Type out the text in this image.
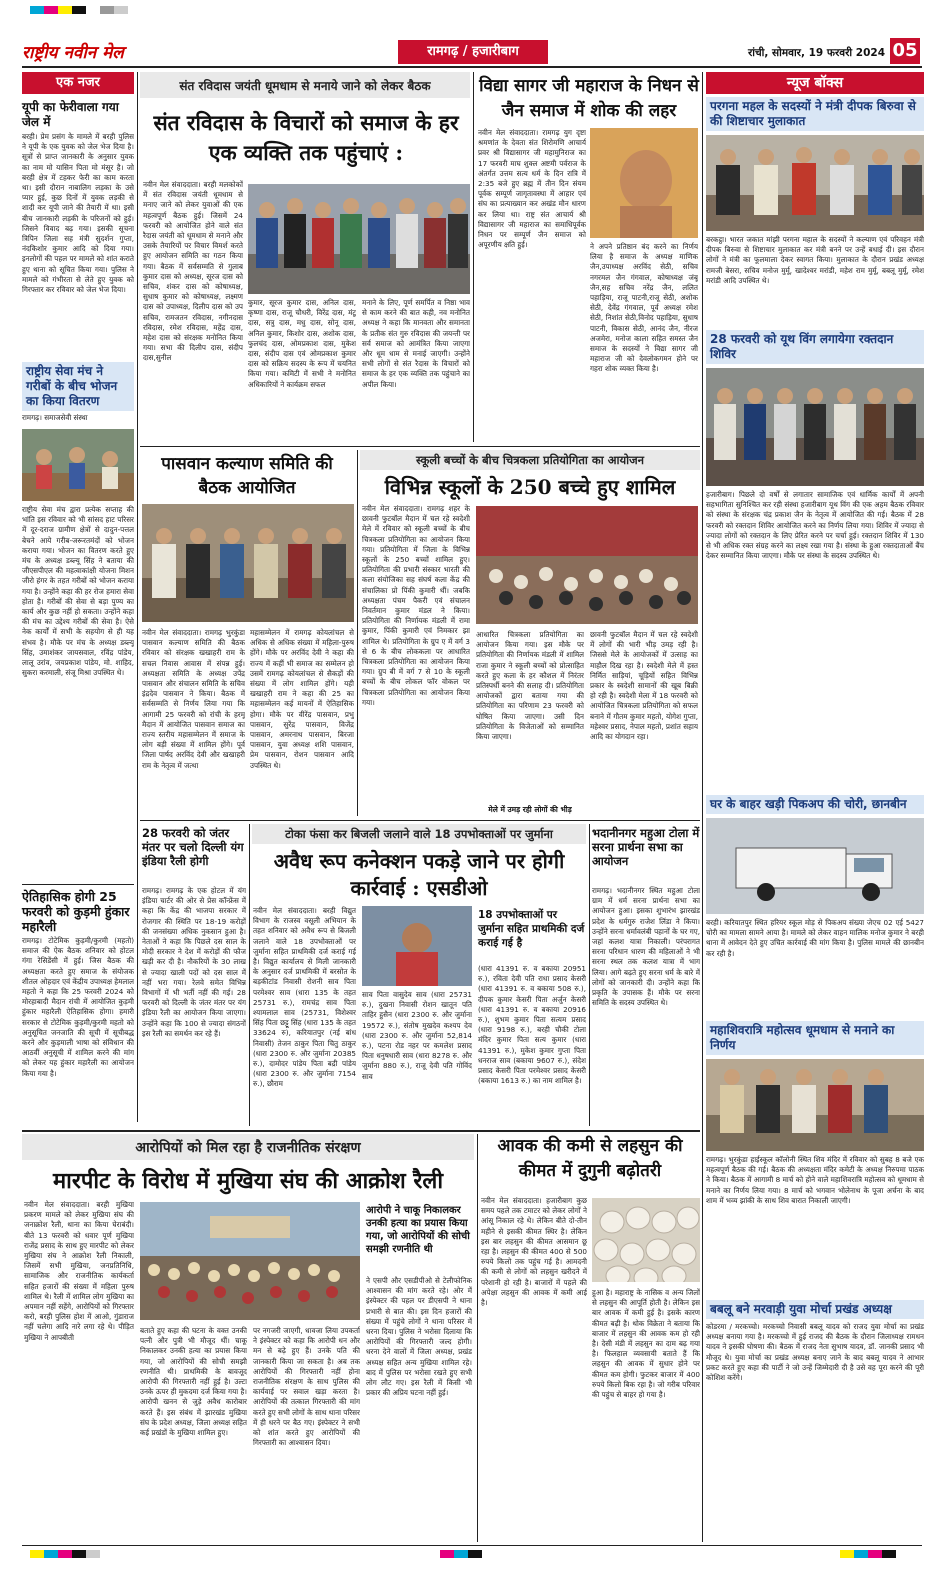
राष्ट्रीय नवीन मेल	रामगढ़ / हजारीबाग	रांची, सोमवार, 19 फरवरी 2024 05
एक नजर
यूपी का फेरीवाला गया जेल में
बरही। प्रेम प्रसंग के मामले में बरही पुलिस ने यूपी के एक युवक को जेल भेज दिया है। सूत्रों से प्राप्त जानकारी के अनुसार युवक का नाम मो यासिन पिता मो मंसूर है। जो बरही क्षेत्र में टहकर फेरी का काम करता था। इसी दौरान नाबालिग लड़का के उसे प्यार हुई, कुछ दिनों में युवक लड़की से शादी कर यूपी जाने की तैयारी में था। इसी बीच जानकारी लड़की के परिजनों को हुई। जिसने विवाद बढ़ गया। इसकी सूचना त्रिपिन जिला सह मंत्री सुदर्शन गुप्ता, नंदकिशोर कुमार आदि को दिया गया। इनलोगों की पहल पर मामले को शांत कराते हुए थाना को सूचित किया गया। पुलिस ने मामले को गंभीरता से लेते हुए युवक को गिरफ्तार कर रविवार को जेल भेज दिया।
राष्ट्रीय सेवा मंच ने गरीबों के बीच भोजन का किया वितरण
रामगढ़। समाजसेवी संस्था
राष्ट्रीय सेवा मंच द्वारा प्रत्येक सप्ताह की भांति इस रविवार को भी सांसद हाट परिसर में दूर-दराज ग्रामीण क्षेत्रों से दादुन-पत्तल बेचने आये गरीब-जरूरतमंदों को भोजन कराया गया। भोजन का वितरण करते हुए मंच के अध्यक्ष डब्ल्यू सिंह ने बताया की जीएसपीएल की महत्वाकांक्षी योजना मिशन जीरो हंगर के तहत गरीबों को भोजन कराया गया है। उन्होंने कहा की हर रोज हमारा सेवा होता है। गरीबों की सेवा से बड़ा पुण्य का कार्य और कुछ नहीं हो सकता। उन्होंने कहा की मंच का उद्देश्य गरीबों की सेवा है। ऐसे नेक कार्यों में सभी के सहयोग से ही यह संभव है। मौके पर मंच के अध्यक्ष डब्ल्यू सिंह, उमाशंकर जायसवाल, रविंद्र पांडेय, लालू उरांव, जयप्रकाश पांडेय, मो. शाहिद, सुकरा करमाली, संजू मिश्रा उपस्थित थे।
ऐतिहासिक होगी 25 फरवरी को कुड़मी हुंकार महारैली
रामगढ़। टोटेमिक कुड़मी/कुरमी (महतो) समाज की ऐक बैठक शनिवार को होटल गंगा रेसिडेंसी में हुई। जिस बैठक की अध्यक्षता करते हुए समाज के संयोजक शीतल ओहदार एवं केंद्रीय उपाध्यक्ष हेमलाल महतो ने कहा कि 25 फरवरी 2024 को मोरहाबादी मैदान रांची में आयोजित कुड़मी हुंकार महारैली ऐतिहासिक होगा। हमारी सरकार से टोटेमिक कुड़मी/कुरमी महतो को अनुसूचित जनजाति की सूची में सूचीबद्ध करने और कुड़माली भाषा को संविधान की आठवीं अनुसूची में शामिल करने की मांग को लेकर यह हुंकार महारैली का आयोजन किया गया है।
संत रविदास जयंती धूमधाम से मनाये जाने को लेकर बैठक
संत रविदास के विचारों को समाज के हर एक व्यक्ति तक पहुंचाएं :
नवीन मेल संवाददाता। बरही मलकोकों में संत रविदास जयंती धूमधाम से मनाए जाने को लेकर युवाओं की एक महत्वपूर्ण बैठक हुई। जिसमें 24 फरवरी को आयोजित होने वाले संत रैदास जयंती को धूमधाम से मनाने और उसके तैयारियों पर विचार विमर्श करते हुए आयोजन समिति का गठन किया गया। बैठक में सर्वसम्मति से गुलाब कुमार दास को अध्यक्ष, सूरज दास को सचिव, शंकर दास को कोषाध्यक्ष, सुधाष कुमार को कोषाध्यक्ष, लक्ष्मण दास को उपाध्यक्ष, दिलीप दास को उप सचिव, रामजतन रविदास, नगीनदास रविदास, रमेश रविदास, महेंद्र दास, महेश दास को संरक्षक मनोनित किया गया। सभा की दिलीप दास, संदीप दास,सुनील
कुमार, सूरज कुमार दास, अनिल दास, कृष्णा दास, राजू चौधरी, विरेंद्र दास, मंटू दास, सत्रु दास, मधु दास, सोनू दास, अनिल कुमार, किशोर दास, अशोक दास, फुलचंद दास, ओमप्रकाश दास, मुकेश दास, संदीप दास एवं ओमप्रकाश कुमार दास को सक्रिय सदस्य के रूप में चयनित किया गया। कमिटी में सभी ने मनोनित अधिकारियों ने कार्यक्रम सफल
मनाने के लिए, पूर्ण समर्पित व निष्ठा भाव से काम करने की बात कही, नव मनोनित अध्यक्ष ने कहा कि मानवता और समानता के प्रतीक संत गुरु रविदास की जयन्ती पर सर्व समाज को आमंत्रित किया जाएगा और धूम धाम से मनाई जाएगी। उन्होंने सभी लोगों से संत रैदास के विचारों को समाज के हर एक व्यक्ति तक पहुंचाने का अपील किया।
विद्या सागर जी महाराज के निधन से जैन समाज में शोक की लहर
नवीन मेल संवाददाता। रामगढ़ युग दृष्टा श्रमणांत के देवता संत शिरोमणि आचार्य प्रवर श्री विद्यासागर जी महामुनिराज का 17 फरवरी माघ शुक्ल अष्टमी पर्वराज के अंतर्गत उत्तम सत्य धर्म के दिन रात्रि में 2:35 बजे हुए ब्रह्म में तीन दिन संयम पूर्वक सम्पूर्ण जागृतावस्था में आहार एवं संघ का प्रत्याख्यान कर अखंड मौन धारण कर लिया था। राष्ट्र संत आचार्य श्री विद्यासागर जी महाराज का समाधिपूर्वक निधन पर सम्पूर्ण जैन समाज को अपूरणीय क्षति हुई।	ने अपने प्रतिष्ठान बंद करने का निर्णय लिया है समाज के अध्यक्ष माणिक जैन,उपाध्यक्ष अरविंद सेठी, सचिव नगरमल जैन गंगवाल, कोषाध्यक्ष जंबू जैन,सह सचिव नरेंद्र जैन, ललित पहाड़िया, राजू पाटनी,राजू सेठी, अशोक सेठी, देवेंद्र गंगवाल, पूर्व अध्यक्ष रमेश सेठी, निशांत सेठी,विनोद पहाड़िया, सुधाष पाटनी, विकास सेठी, आनंद जैन, नीरज अजमेरा, मनोज काला सहित समस्त जैन समाज के सदस्यों ने विद्या सागर जी महाराज जी को देवलोकगमन होने पर गहरा शोक व्यक्त किया है।
न्यूज बॉक्स
परगना महल के सदस्यों ने मंत्री दीपक बिरुवा से की शिष्टाचार मुलाकात
बरकट्ठा। भारत जकात मांझी परगना महाल के सदस्यों ने कल्याण एवं परिवहन मंत्री दीपक बिरुवा से शिष्टाचार मुलाकात कर मंत्री बनने पर उन्हें बधाई दी। इस दौरान लोगों ने मंत्री का फूलमाला देकर स्वागत किया। मुलाकात के दौरान प्रखंड अध्यक्ष रामजी बेसरा, सचिव मनोज मुर्मू, खादेश्वर मरांडी, महेश राम मुर्मू, बबलू मुर्मू, रमेश मरांडी आदि उपस्थित थे।
28 फरवरी को यूथ विंग लगायेगा रक्तदान शिविर
हजारीबाग। पिछले दो वर्षों से लगातार सामाजिक एवं धार्मिक कार्यों में अपनी सहभागिता सुनिश्चित कर रही संस्था हजारीबाग यूथ विंग की एक अहम बैठक रविवार को संस्था के संरक्षक चंद्र प्रकाश जैन के नेतृत्व में आयोजित की गई। बैठक में 28 फरवरी को रक्तदान शिविर आयोजित करने का निर्णय लिया गया। शिविर में ज्यादा से ज्यादा लोगों को रक्तदान के लिए प्रेरित करने पर चर्चा हुई। रक्तदान शिविर में 130 से भी अधिक रक्त संग्रह करने का लक्ष्य रखा गया है। संस्था के हुआ रक्तदाताओं बैंच देकर सम्मानित किया जाएगा। मौके पर संस्था के सदस्य उपस्थित थे।
घर के बाहर खड़ी पिकअप की चोरी, छानबीन
बरही। करियातपुर स्थित हरियर स्कूल मोड़ से पिकअप संख्या जेएच 02 एई 5427 चोरी का मामला सामने आया है। मामले को लेकर वाहन मालिक मनोज कुमार ने बरही थाना में आवेदन देते हुए उचित कार्रवाई की मांग किया है। पुलिस मामले की छानबीन कर रही है।
महाशिवरात्रि महोत्सव धूमधाम से मनाने का निर्णय
रामगढ़। भुरकुंडा हाईस्कूल कॉलोनी स्थित शिव मंदिर में रविवार को सुबह 8 बजे एक महत्वपूर्ण बैठक की गई। बैठक की अध्यक्षता मंदिर कमेटी के अध्यक्ष निरुपमा पाठक ने किया। बैठक में आगामी 8 मार्च को होने वाले महाशिवरात्रि महोत्सव को धूमधाम से मनाने का निर्णय लिया गया। 8 मार्च को भगवान भोलेनाथ के पूजा अर्चना के बाद शाम में भव्य झांकी के साथ शिव बारात निकाली जाएगी।
बबलू बने मरवाड़ी युवा मोर्चा प्रखंड अध्यक्ष
कोडरमा / मरकच्चो। मरकच्चो निवासी बबलू यादव को राजद युवा मोर्चा का प्रखंड अध्यक्ष बनाया गया है। मरकच्चो में हुई राजद की बैठक के दौरान जिलाध्यक्ष रामधन यादव ने इसकी घोषणा की। बैठक में राजद नेता सुभाष यादव, डॉ. जानकी प्रसाद भी मौजूद थे। युवा मोर्चा का प्रखंड अध्यक्ष बनाए जाने के बाद बबलू यादव ने आभार प्रकट करते हुए कहा की पार्टी ने जो उन्हें जिम्मेदारी दी है उसे वह पूरा करने की पूरी कोशिश करेंगे।
पासवान कल्याण समिति की बैठक आयोजित
नवीन मेल संवाददाता। रामगढ़ भुरकुंडा पासवान कल्याण समिति की बैठक रविवार को संरक्षक खखाहरी राम के सचल निवास आवास में संपन्न हुई। अध्यक्षता समिति के अध्यक्ष उपेंद्र पासवान और संचालन समिति के सचिव इंद्रदेव पासवान ने किया। बैठक में सर्वसम्मति से निर्णय लिया गया कि आगामी 25 फरवरी को रांची के हरमू मैदान में आयोजित पासवान समाज का राज्य स्तरीय महासम्मेलन में समाज के लोग बड़ी संख्या में शामिल होंगे। पूर्व जिला पार्षद अरविंद देवी और खखाहरी राम के नेतृत्व में जत्था
महासम्मेलन में रामगढ़ कोयलांचल से अधिक से अधिक संख्या में महिला-पुरुष होंगे। मौके पर अरविंद देवी ने कहा की राज्य में कहीं भी समाज का सम्मेलन हो उसमें रामगढ़ कोयलांचल से सैकड़ों की संख्या में लोग शामिल होंगे। यही खखाहरी राम ने कहा की 25 का महासम्मेलन कई मायनों में ऐतिहासिक होगा। मौके पर वीरेंद्र पासवान, प्रभु पासवान, सुरेंद्र पासवान, विजेंद्र पासवान, अमरनाथ पासवान, बिरजा पासवान, युवा अध्यक्ष शशि पासवान, प्रेम पासवान, रोशन पासवान आदि उपस्थित थे।
स्कूली बच्चों के बीच चित्रकला प्रतियोगिता का आयोजन
विभिन्न स्कूलों के 250 बच्चे हुए शामिल
नवीन मेल संवाददाता। रामगढ़ शहर के छावनी फुटबॉल मैदान में चल रहे स्वदेशी मेले में रविवार को स्कूली बच्चों के बीच चित्रकला प्रतियोगिता का आयोजन किया गया। प्रतियोगिता में जिला के विभिन्न स्कूलों के 250 बच्चों शामिल हुए। प्रतियोगिता की प्रभारी संस्कार भारती की कला संयोजिका सह संघर्ष कला केंद्र की संचालिका प्रो पिंकी कुमारी थीं। जबकि अध्यक्षता पंचम पैकरी एवं संचालन निवर्तमान कुमार मंडल ने किया। प्रतियोगिता की निर्णायक मंडली में रामा कुमार, पिंकी कुमारी एवं निमकार झा शामिल थे। प्रतियोगिता के ग्रुप ए में वर्ग 3 से 6 के बीच लोककला पर आधारित चित्रकला प्रतियोगिता का आयोजन किया गया। ग्रुप बी में वर्ग 7 से 10 के स्कूली बच्चों के बीच लोकल फॉर वोकल पर चित्रकला प्रतियोगिता का आयोजन किया गया।
आधारित चित्रकला प्रतियोगिता का आयोजन किया गया। इस मौके पर प्रतियोगिता की निर्णायक मंडली में शामिल राजा कुमार ने स्कूली बच्चों को प्रोत्साहित करते हुए कला के हर कौशल में निरंतर प्रतिस्पर्धी बनने की सलाह दी। प्रतियोगिता आयोजकों द्वारा बताया गया की प्रतियोगिता का परिणाम 23 फरवरी को घोषित किया जाएगा। उसी दिन प्रतियोगिता के विजेताओं को सम्मानित किया जाएगा।
मेले में उमड़ रही लोगों की भीड़
छावनी फुटबॉल मैदान में चल रहे स्वदेशी में लोगों की भारी भीड़ उमड़ रही है। जिससे मेले के आयोजकों में उत्साह का माहौल दिख रहा है। स्वदेशी मेले में हस्त निर्मित साड़ियां, चूड़ियों सहित विभिन्न प्रकार के स्वदेशी सामानों की खूब बिक्री हो रही है। स्वदेशी मेला में 18 फरवरी को आयोजित चित्रकला प्रतियोगिता को सफल बनाने में गौतम कुमार महतो, योगेश गुप्ता, महेश्वर प्रसाद, नेपाल महतो, प्रशांत सहाय आदि का योगदान रहा।
28 फरवरी को जंतर मंतर पर चलो दिल्ली यंग इंडिया रैली होगी
रामगढ़। रामगढ़ के एक होटल में यंग इंडिया चार्टर की ओर से प्रेस कॉन्फ्रेंस में कहा कि केंद्र की भाजपा सरकार में रोजगार की स्थिति पर 18-19 करोड़ों की जनसंख्या अधिक नुकसान हुआ है। नेताओं ने कहा कि पिछले दस साल के मोदी सरकार ने देश में करोड़ों की फौज खड़ी कर दी है। नौकरियों के 30 लाख से ज्यादा खाली पदों को दस साल में नहीं भरा गया। रेलवे समेत विभिन्न विभागों में भी भर्ती नहीं की गई। 28 फरवरी को दिल्ली के जंतर मंतर पर यंग इंडिया रैली का आयोजन किया जाएगा। उन्होंने कहा कि 100 से ज्यादा संगठनों इस रैली का समर्थन कर रहे हैं।
टोका फंसा कर बिजली जलाने वाले 18 उपभोक्ताओं पर जुर्माना
अवैध रूप कनेक्शन पकड़े जाने पर होगी कार्रवाई : एसडीओ
नवीन मेल संवाददाता। बरही विद्युत विभाग के राजस्व वसूली अभियान के तहत शनिवार को अवैध रूप से बिजली जलाने वाले 18 उपभोक्ताओं पर जुर्माना सहित प्राथमिकी दर्ज कराई गई है। विद्युत कार्यालय से मिली जानकारी के अनुसार दर्ज प्राथमिकी में बरसोत के बड़कीटांड निवासी रोशनी साव पिता परमेश्वर साव (धारा 135 के तहत 25731 रु.), रामचंद्र साव पिता श्यामलाल साव (25731, विशेश्वर सिंह पिता छट्टू सिंह (धारा 135 के तहत 33624 रु), करियातपुर (नई बांध निवासी) तेजन ठाकुर पिता चितु ठाकुर (धारा 2300 रु. और जुर्माना 20385 रु.), दामोदर पांडेय पिता बद्री पांडेय (धारा 2300 रु. और जुर्माना 7154 रु.), छौराम
18 उपभोक्ताओं पर जुर्माना सहित प्राथमिकी दर्ज कराई गई है
साव पिता वासुदेव साव (धारा 25731 रु.), दुखना निवासी रोशन खातून पति ताहिर हुसैन (धारा 2300 रु. और जुर्माना 19572 रु.), संतोष मुखदेव कश्यप देव (धारा 2300 रु. और जुर्माना 52,814 रु.), पटना रोड नहर पर कमलेश प्रसाद पिता धनुषधारी साव (धारा 8278 रु. और जुर्माना 880 रु.), राजू देवी पति गोविंद साव
(धारा 41391 रु. व बकाया 20951 रु.), रविता देवी पति राधा प्रसाद केसरी (धारा 41391 रु. व बकाया 508 रु.), दीपक कुमार केसरी पिता अर्जुन केसरी (धारा 41391 रु. व बकाया 20916 रु.), शुभम कुमार पिता सत्यम प्रसाद (धारा 9198 रु.), बरही चौकी टोला मंदिर कुमार पिता सत्य कुमार (धारा 41391 रु.), मुकेश कुमार गुप्ता पिता धनराज साव (बकाया 9607 रु.), संदेश प्रसाद केसरी पिता परमेश्वर प्रसाद केसरी (बकाया 1613 रु.) का नाम शामिल है।
भदानीनगर महुआ टोला में सरना प्रार्थना सभा का आयोजन
रामगढ़। भदानीनगर स्थित महुआ टोला ग्राम में धर्म सरना प्रार्थना सभा का आयोजन हुआ। इसका शुभारंभ झारखंड प्रदेश के धर्मगुरु राजेश लिंडा ने किया। उन्होंने सरना धर्मावलंबी पहानों के घर गए, जहां कलश यात्रा निकाली। परंपरागत सरना परिधान धारण की महिलाओं ने भी सरना स्थल तक कलश यात्रा में भाग लिया। आगे बढ़ते हुए सरना धर्म के बारे में लोगों को जानकारी दी। उन्होंने कहा कि प्रकृति के उपासक हैं। मौके पर सरना समिति के सदस्य उपस्थित थे।
आरोपियों को मिल रहा है राजनीतिक संरक्षण
मारपीट के विरोध में मुखिया संघ की आक्रोश रैली
नवीन मेल संवाददाता। बरही मुखिया प्रकरण मामले को लेकर मुखिया संघ की जनाक्रोश रैली, थाना का किया घेराबंदी। बीते 13 फरवरी को धवार पूर्ण मुखिया राजेंद्र प्रसाद के साथ हुए मारपीट को लेकर मुखिया संघ ने आक्रोश रैली निकाली, जिसमें सभी मुखिया, जनप्रतिनिधि, सामाजिक और राजनीतिक कार्यकर्ता सहित हजारों की संख्या में महिला पुरुष शामिल थे। रैली में शामिल लोग मुखिया का अपमान नहीं सहेंगे, आरोपियों को गिरफ्तार करो, बरही पुलिस होश में आओ, गुंडाराज नहीं चलेगा आदि नारे लगा रहे थे। पीड़ित मुखिया ने आपबीती
आरोपी ने चाकू निकालकर उनकी हत्या का प्रयास किया गया, जो आरोपियों की सोची समझी रणनीति थी
बताते हुए कहा की घटना के वक्त उनकी पत्नी और पुत्री भी मौजूद थीं। चाकू निकालकर उनकी हत्या का प्रयास किया गया, जो आरोपियों की सोची समझी रणनीति थी। प्राथमिकी के बावजूद आरोपी की गिरफ्तारी नहीं हुई है। उल्टा उनके ऊपर ही मुकदमा दर्ज किया गया है। आरोपी खनन से जुड़े अवैध कारोबार करते हैं। इस संबंध में झारखंड मुखिया संघ के प्रदेश अध्यक्ष, जिला अध्यक्ष सहित कई प्रखंडों के मुखिया शामिल हुए।
पर नगजरी जाएगी, धावजा लिया उपकर्ता ने इंस्पेक्टर को कहा कि आरोपी धन और मन से बढ़े हुए हैं। उनके पति की जानकारी किया जा सकता है। अब तक आरोपियों की गिरफ्तारी नहीं होना राजनीतिक संरक्षण के साथ पुलिस की कार्यवाई पर सवाल खड़ा करता है। आरोपियों की तत्काल गिरफ्तारी की मांग करते हुए सभी लोगों के साथ थाना परिसर में ही धरने पर बैठ गए। इंस्पेक्टर ने सभी को शांत करते हुए आरोपियों की गिरफ्तारी का आश्वासन दिया।
ने एसपी और एसडीपीओ से टेलीफोनिक आश्वासन की मांग करते रहे। ओर में इंस्पेक्टर की पहल पर डीएसपी ने थाना प्रभारी से बात की। इस दिन हजारों की संख्या में पहुंचे लोगों ने थाना परिसर में धरना दिया। पुलिस ने भरोसा दिलाया कि आरोपियों की गिरफ्तारी जल्द होगी। धरना देने वालों में जिला अध्यक्ष, प्रखंड अध्यक्ष सहित अन्य मुखिया शामिल रहे। बाद में पुलिस पर भरोसा रखते हुए सभी लोग लौट गए। इस रैली में किसी भी प्रकार की अप्रिय घटना नहीं हुई।
आवक की कमी से लहसुन की कीमत में दुगुनी बढ़ोतरी
नवीन मेल संवाददाता। हजारीबाग कुछ समय पहले तक टमाटर को लेकर लोगों ने आंसू निकाल रहे थे। लेकिन बीते दो-तीन महीने से इसकी कीमत स्थिर है। लेकिन इस बार लहसुन की कीमत आसमान छू रहा है। लहसुन की कीमत 400 से 500 रुपये किलो तक पहुंच गई है। आमदनी की कमी से लोगों को लहसुन खरीदने में परेशानी हो रही है। बाजारों में पहले की अपेक्षा लहसुन की आवक में कमी आई है।
हुआ है। महाराष्ट्र के नासिक व अन्य जिलों से लहसुन की आपूर्ति होती है। लेकिन इस बार आवक में कमी हुई है। इसके कारण कीमत बढ़ी है। थोक विक्रेता ने बताया कि बाजार में लहसुन की आवक कम हो रही है। देसी मंडी में लहसुन का दाम बढ़ गया है। फिलहाल व्यवसायी बताते हैं कि लहसुन की आवक में सुधार होने पर कीमत कम होगी। फुटकर बाजार में 400 रुपये किलो बिक रहा है। जो गरीब परिवार की पहुंच से बाहर हो गया है।
